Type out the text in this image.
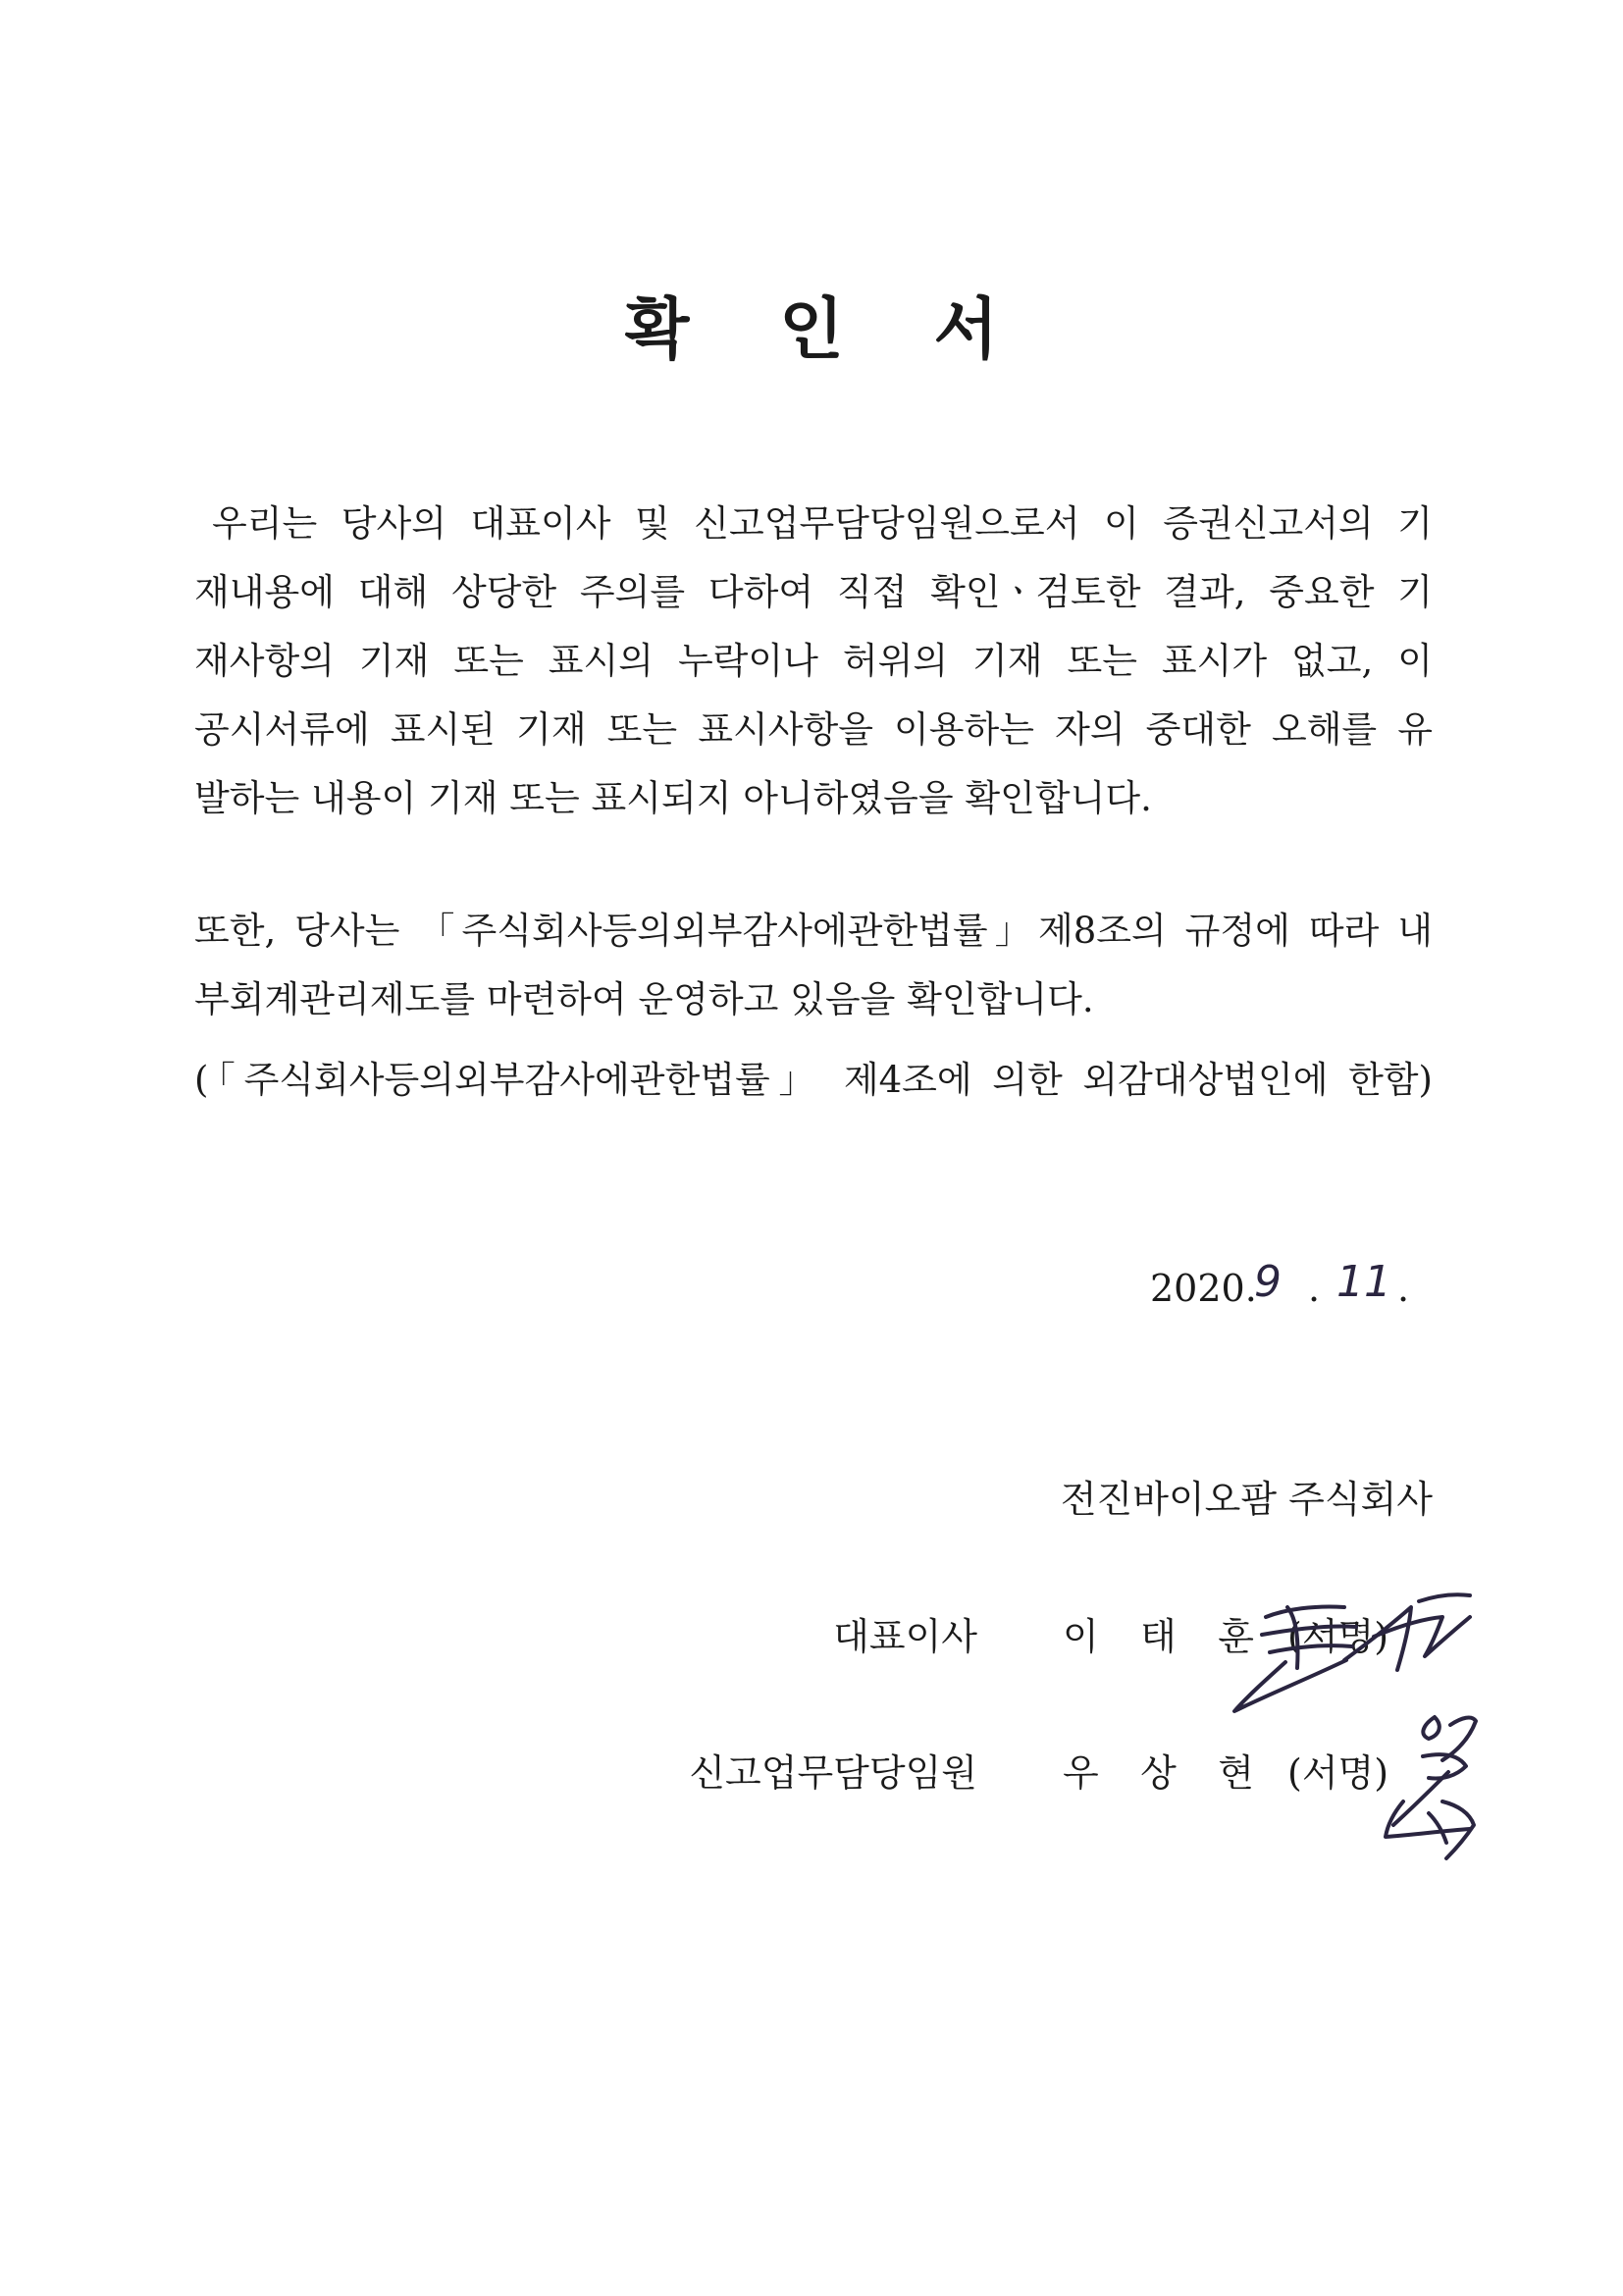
확 인 서
우리는 당사의 대표이사 및 신고업무담당임원으로서 이 증권신고서의 기
재내용에 대해 상당한 주의를 다하여 직접 확인ㆍ검토한 결과, 중요한 기
재사항의 기재 또는 표시의 누락이나 허위의 기재 또는 표시가 없고, 이
공시서류에 표시된 기재 또는 표시사항을 이용하는 자의 중대한 오해를 유
발하는 내용이 기재 또는 표시되지 아니하였음을 확인합니다.
또한, 당사는 「주식회사등의외부감사에관한법률」제8조의 규정에 따라 내
부회계관리제도를 마련하여 운영하고 있음을 확인합니다.
(「주식회사등의외부감사에관한법률」 제4조에 의한 외감대상법인에 한함)
2020.
9 . 11 .
전진바이오팜 주식회사
대표이사 이 태 훈 (서명)
신고업무담당임원 우 상 현 (서명)
